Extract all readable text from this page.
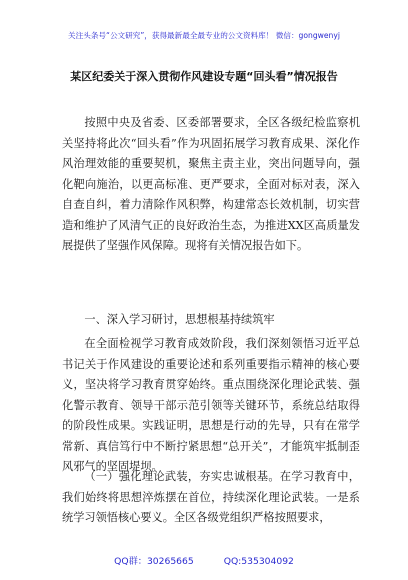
关注头条号“公文研究”，获得最新最全最专业的公文资料库！ 微信：gongwenyj
某区纪委关于深入贯彻作风建设专题“回头看”情况报告

按照中央及省委、区委部署要求，全区各级纪检监察机关坚持将此次“回头看”作为巩固拓展学习教育成果、深化作风治理效能的重要契机，聚焦主责主业，突出问题导向，强化靶向施治，以更高标准、更严要求，全面对标对表，深入自查自纠，着力清除作风积弊，构建常态长效机制，切实营造和维护了风清气正的良好政治生态，为推进XX区高质量发展提供了坚强作风保障。现将有关情况报告如下。

一、深入学习研讨，思想根基持续筑牢

在全面检视学习教育成效阶段，我们深刻领悟习近平总书记关于作风建设的重要论述和系列重要指示精神的核心要义，坚决将学习教育贯穿始终。重点围绕深化理论武装、强化警示教育、领导干部示范引领等关键环节，系统总结取得的阶段性成果。实践证明，思想是行动的先导，只有在常学常新、真信笃行中不断拧紧思想“总开关”，才能筑牢抵制歪风邪气的坚固堤坝。

（一）强化理论武装，夯实忠诚根基。在学习教育中，我们始终将思想淬炼摆在首位，持续深化理论武装。一是系统学习领悟核心要义。全区各级党组织严格按照要求，

QQ群：30265665	QQ:535304092
